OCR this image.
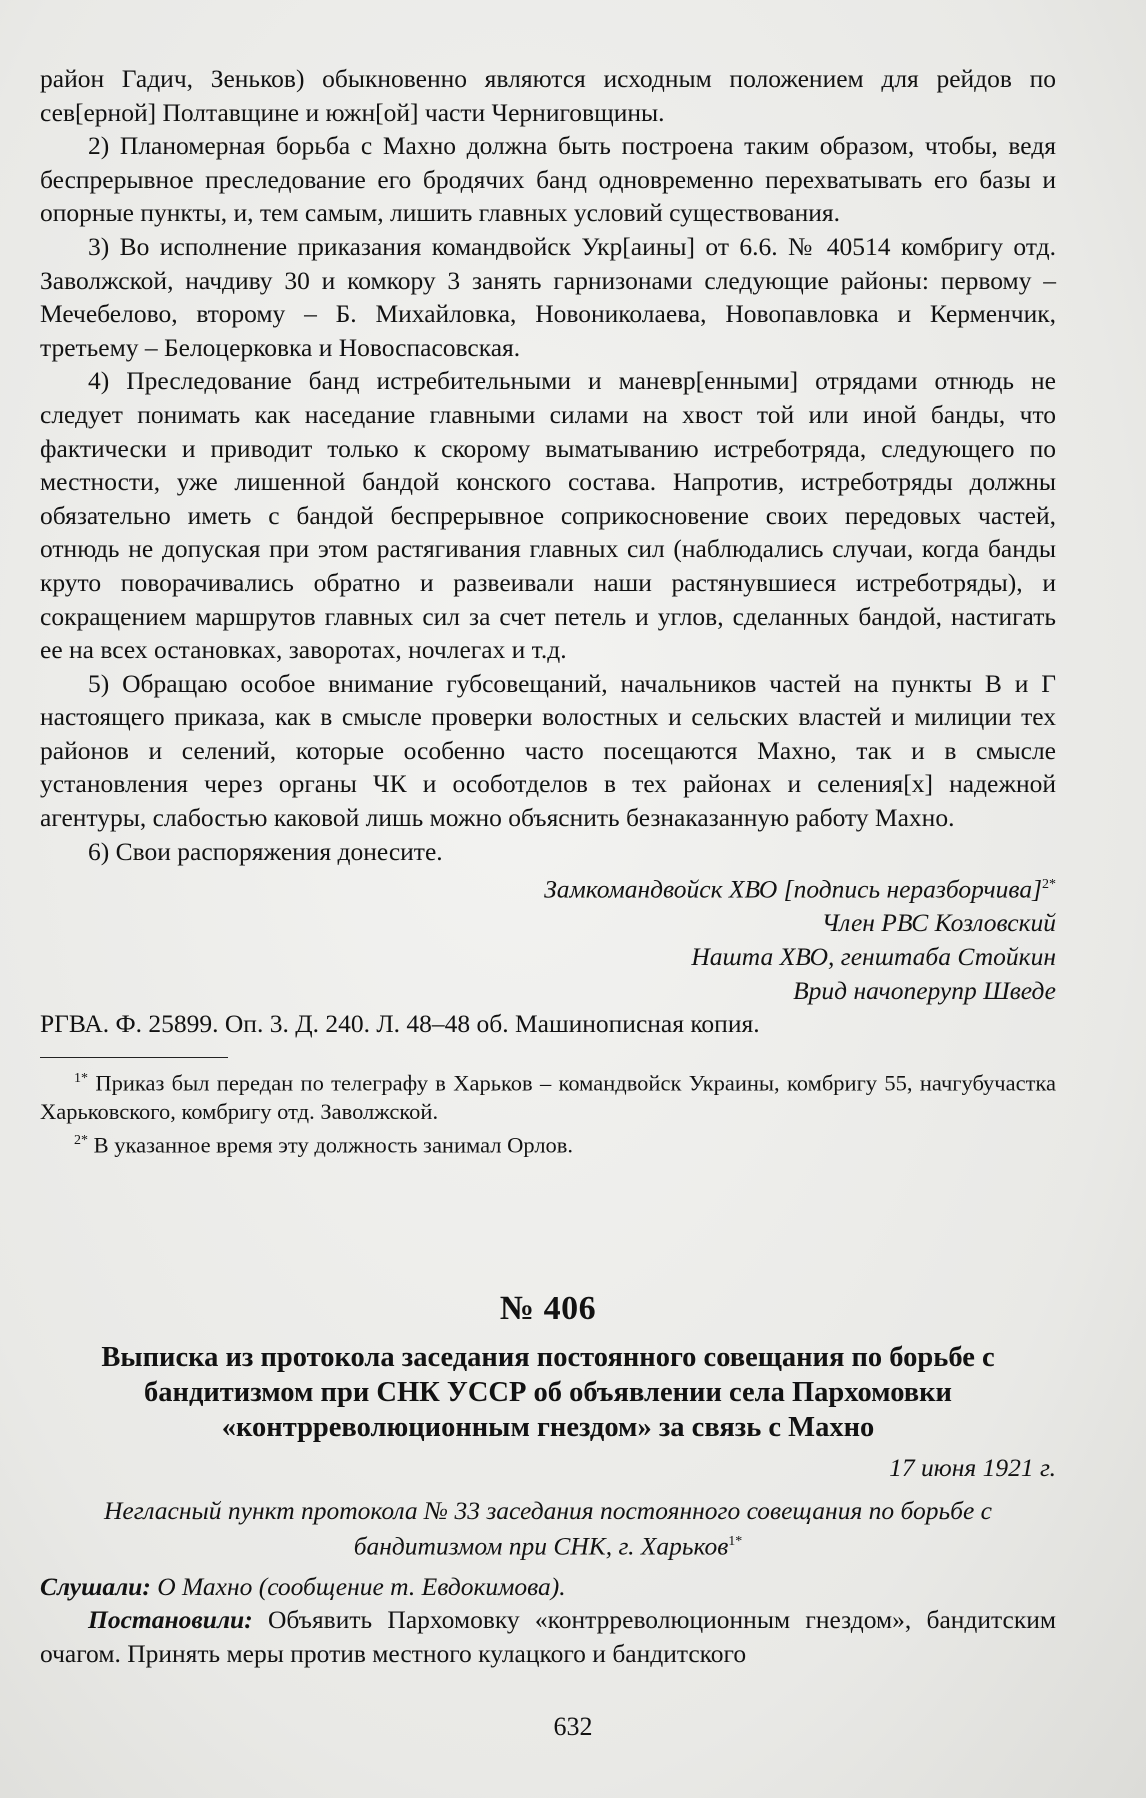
район Гадич, Зеньков) обыкновенно являются исходным положением для рейдов по сев[ерной] Полтавщине и южн[ой] части Черниговщины.

2) Планомерная борьба с Махно должна быть построена таким образом, чтобы, ведя беспрерывное преследование его бродячих банд одновременно перехватывать его базы и опорные пункты, и, тем самым, лишить главных условий существования.

3) Во исполнение приказания командвойск Укр[аины] от 6.6. № 40514 комбригу отд. Заволжской, начдиву 30 и комкору 3 занять гарнизонами следующие районы: первому – Мечебелово, второму – Б. Михайловка, Новониколаева, Новопавловка и Керменчик, третьему – Белоцерковка и Новоспасовская.

4) Преследование банд истребительными и маневр[енными] отрядами отнюдь не следует понимать как наседание главными силами на хвост той или иной банды, что фактически и приводит только к скорому выматыванию истреботряда, следующего по местности, уже лишенной бандой конского состава. Напротив, истреботряды должны обязательно иметь с бандой беспрерывное соприкосновение своих передовых частей, отнюдь не допуская при этом растягивания главных сил (наблюдались случаи, когда банды круто поворачивались обратно и развеивали наши растянувшиеся истреботряды), и сокращением маршрутов главных сил за счет петель и углов, сделанных бандой, настигать ее на всех остановках, заворотах, ночлегах и т.д.

5) Обращаю особое внимание губсовещаний, начальников частей на пункты В и Г настоящего приказа, как в смысле проверки волостных и сельских властей и милиции тех районов и селений, которые особенно часто посещаются Махно, так и в смысле установления через органы ЧК и особотделов в тех районах и селения[х] надежной агентуры, слабостью каковой лишь можно объяснить безнаказанную работу Махно.

6) Свои распоряжения донесите.

Замкомандвойск ХВО [подпись неразборчива]$^{2*}$

Член РВС Козловский

Нашта ХВО, генштаба Стойкин

Врид начоперупр Шведе

РГВА. Ф. 25899. Оп. 3. Д. 240. Л. 48–48 об. Машинописная копия.

$^{1*}$ Приказ был передан по телеграфу в Харьков – командвойск Украины, комбригу 55, начгубучастка Харьковского, комбригу отд. Заволжской.

$^{2*}$ В указанное время эту должность занимал Орлов.

№ 406

Выписка из протокола заседания постоянного совещания по борьбе с бандитизмом при СНК УССР об объявлении села Пархомовки «контрреволюционным гнездом» за связь с Махно

17 июня 1921 г.

Негласный пункт протокола № 33 заседания постоянного совещания по борьбе с бандитизмом при СНК, г. Харьков$^{1*}$

Слушали: О Махно (сообщение т. Евдокимова).

Постановили: Объявить Пархомовку «контрреволюционным гнездом», бандитским очагом. Принять меры против местного кулацкого и бандитского

632
